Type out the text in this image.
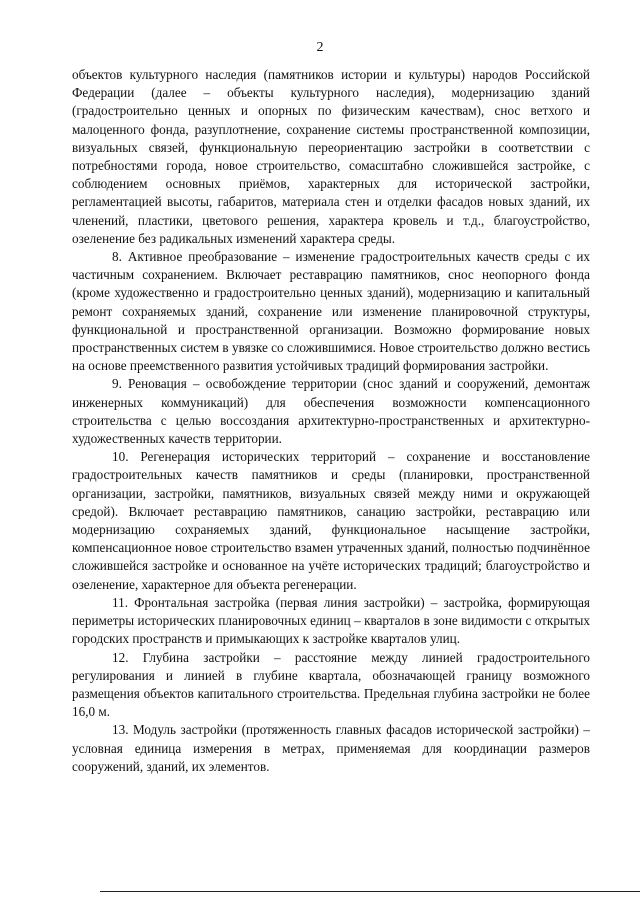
2

объектов культурного наследия (памятников истории и культуры) народов Российской Федерации (далее – объекты культурного наследия), модернизацию зданий (градостроительно ценных и опорных по физическим качествам), снос ветхого и малоценного фонда, разуплотнение, сохранение системы пространственной композиции, визуальных связей, функциональную переориентацию застройки в соответствии с потребностями города, новое строительство, сомасштабно сложившейся застройке, с соблюдением основных приёмов, характерных для исторической застройки, регламентацией высоты, габаритов, материала стен и отделки фасадов новых зданий, их членений, пластики, цветового решения, характера кровель и т.д., благоустройство, озеленение без радикальных изменений характера среды.

8. Активное преобразование – изменение градостроительных качеств среды с их частичным сохранением. Включает реставрацию памятников, снос неопорного фонда (кроме художественно и градостроительно ценных зданий), модернизацию и капитальный ремонт сохраняемых зданий, сохранение или изменение планировочной структуры, функциональной и пространственной организации. Возможно формирование новых пространственных систем в увязке со сложившимися. Новое строительство должно вестись на основе преемственного развития устойчивых традиций формирования застройки.

9. Реновация – освобождение территории (снос зданий и сооружений, демонтаж инженерных коммуникаций) для обеспечения возможности компенсационного строительства с целью воссоздания архитектурно-пространственных и архитектурно-художественных качеств территории.

10. Регенерация исторических территорий – сохранение и восстановление градостроительных качеств памятников и среды (планировки, пространственной организации, застройки, памятников, визуальных связей между ними и окружающей средой). Включает реставрацию памятников, санацию застройки, реставрацию или модернизацию сохраняемых зданий, функциональное насыщение застройки, компенсационное новое строительство взамен утраченных зданий, полностью подчинённое сложившейся застройке и основанное на учёте исторических традиций; благоустройство и озеленение, характерное для объекта регенерации.

11. Фронтальная застройка (первая линия застройки) – застройка, формирующая периметры исторических планировочных единиц – кварталов в зоне видимости с открытых городских пространств и примыкающих к застройке кварталов улиц.

12. Глубина застройки – расстояние между линией градостроительного регулирования и линией в глубине квартала, обозначающей границу возможного размещения объектов капитального строительства. Предельная глубина застройки не более 16,0 м.

13. Модуль застройки (протяженность главных фасадов исторической застройки) – условная единица измерения в метрах, применяемая для координации размеров сооружений, зданий, их элементов.
